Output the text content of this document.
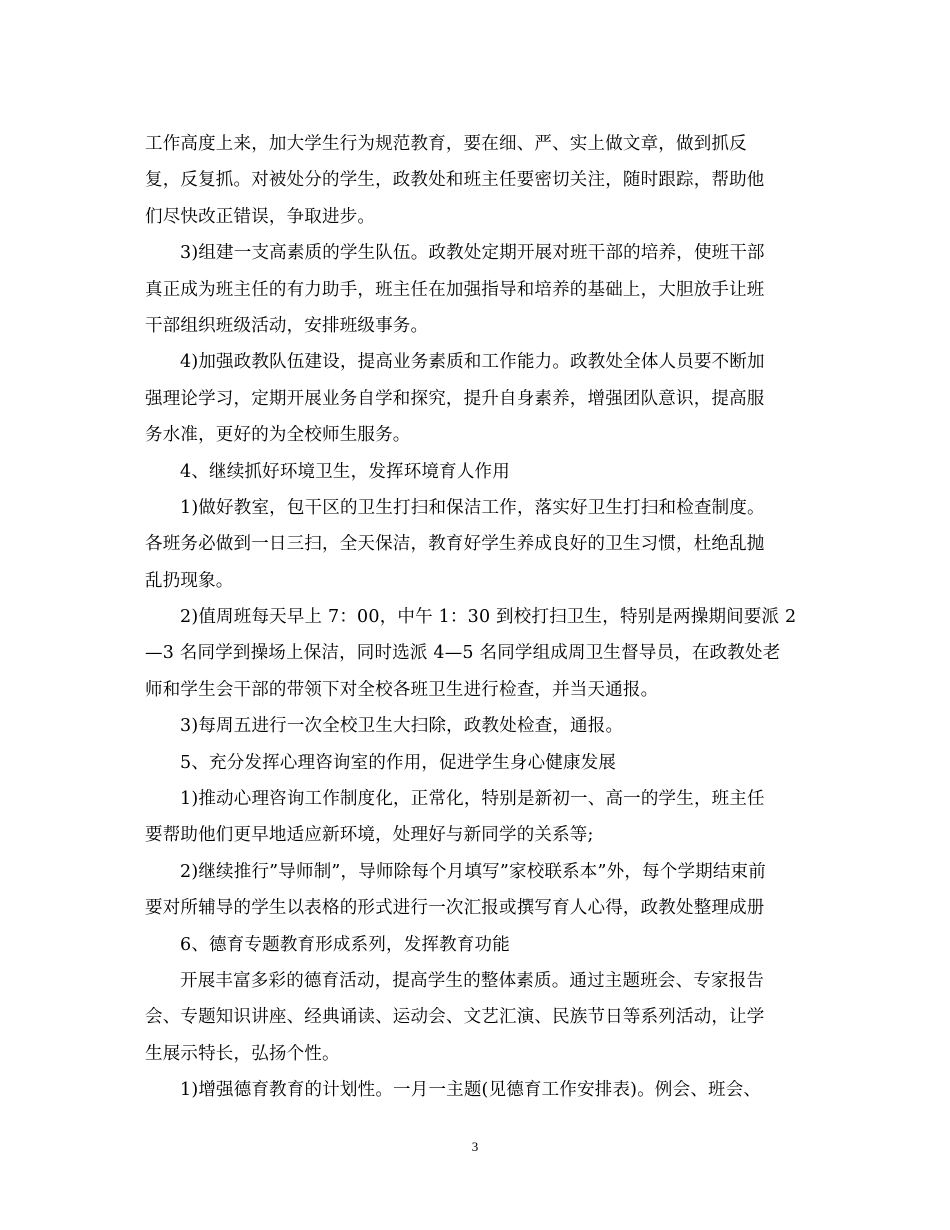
工作高度上来，加大学生行为规范教育，要在细、严、实上做文章，做到抓反
复，反复抓。对被处分的学生，政教处和班主任要密切关注，随时跟踪，帮助他
们尽快改正错误，争取进步。
3)组建一支高素质的学生队伍。政教处定期开展对班干部的培养，使班干部
真正成为班主任的有力助手，班主任在加强指导和培养的基础上，大胆放手让班
干部组织班级活动，安排班级事务。
4)加强政教队伍建设，提高业务素质和工作能力。政教处全体人员要不断加
强理论学习，定期开展业务自学和探究，提升自身素养，增强团队意识，提高服
务水准，更好的为全校师生服务。
4、继续抓好环境卫生，发挥环境育人作用
1)做好教室，包干区的卫生打扫和保洁工作，落实好卫生打扫和检查制度。
各班务必做到一日三扫，全天保洁，教育好学生养成良好的卫生习惯，杜绝乱抛
乱扔现象。
2)值周班每天早上 7：00，中午 1：30 到校打扫卫生，特别是两操期间要派 2
—3 名同学到操场上保洁，同时选派 4—5 名同学组成周卫生督导员，在政教处老
师和学生会干部的带领下对全校各班卫生进行检查，并当天通报。
3)每周五进行一次全校卫生大扫除，政教处检查，通报。
5、充分发挥心理咨询室的作用，促进学生身心健康发展
1)推动心理咨询工作制度化，正常化，特别是新初一、高一的学生，班主任
要帮助他们更早地适应新环境，处理好与新同学的关系等;
2)继续推行”导师制”，导师除每个月填写”家校联系本”外，每个学期结束前
要对所辅导的学生以表格的形式进行一次汇报或撰写育人心得，政教处整理成册
6、德育专题教育形成系列，发挥教育功能
开展丰富多彩的德育活动，提高学生的整体素质。通过主题班会、专家报告
会、专题知识讲座、经典诵读、运动会、文艺汇演、民族节日等系列活动，让学
生展示特长，弘扬个性。
1)增强德育教育的计划性。一月一主题(见德育工作安排表)。例会、班会、
3
